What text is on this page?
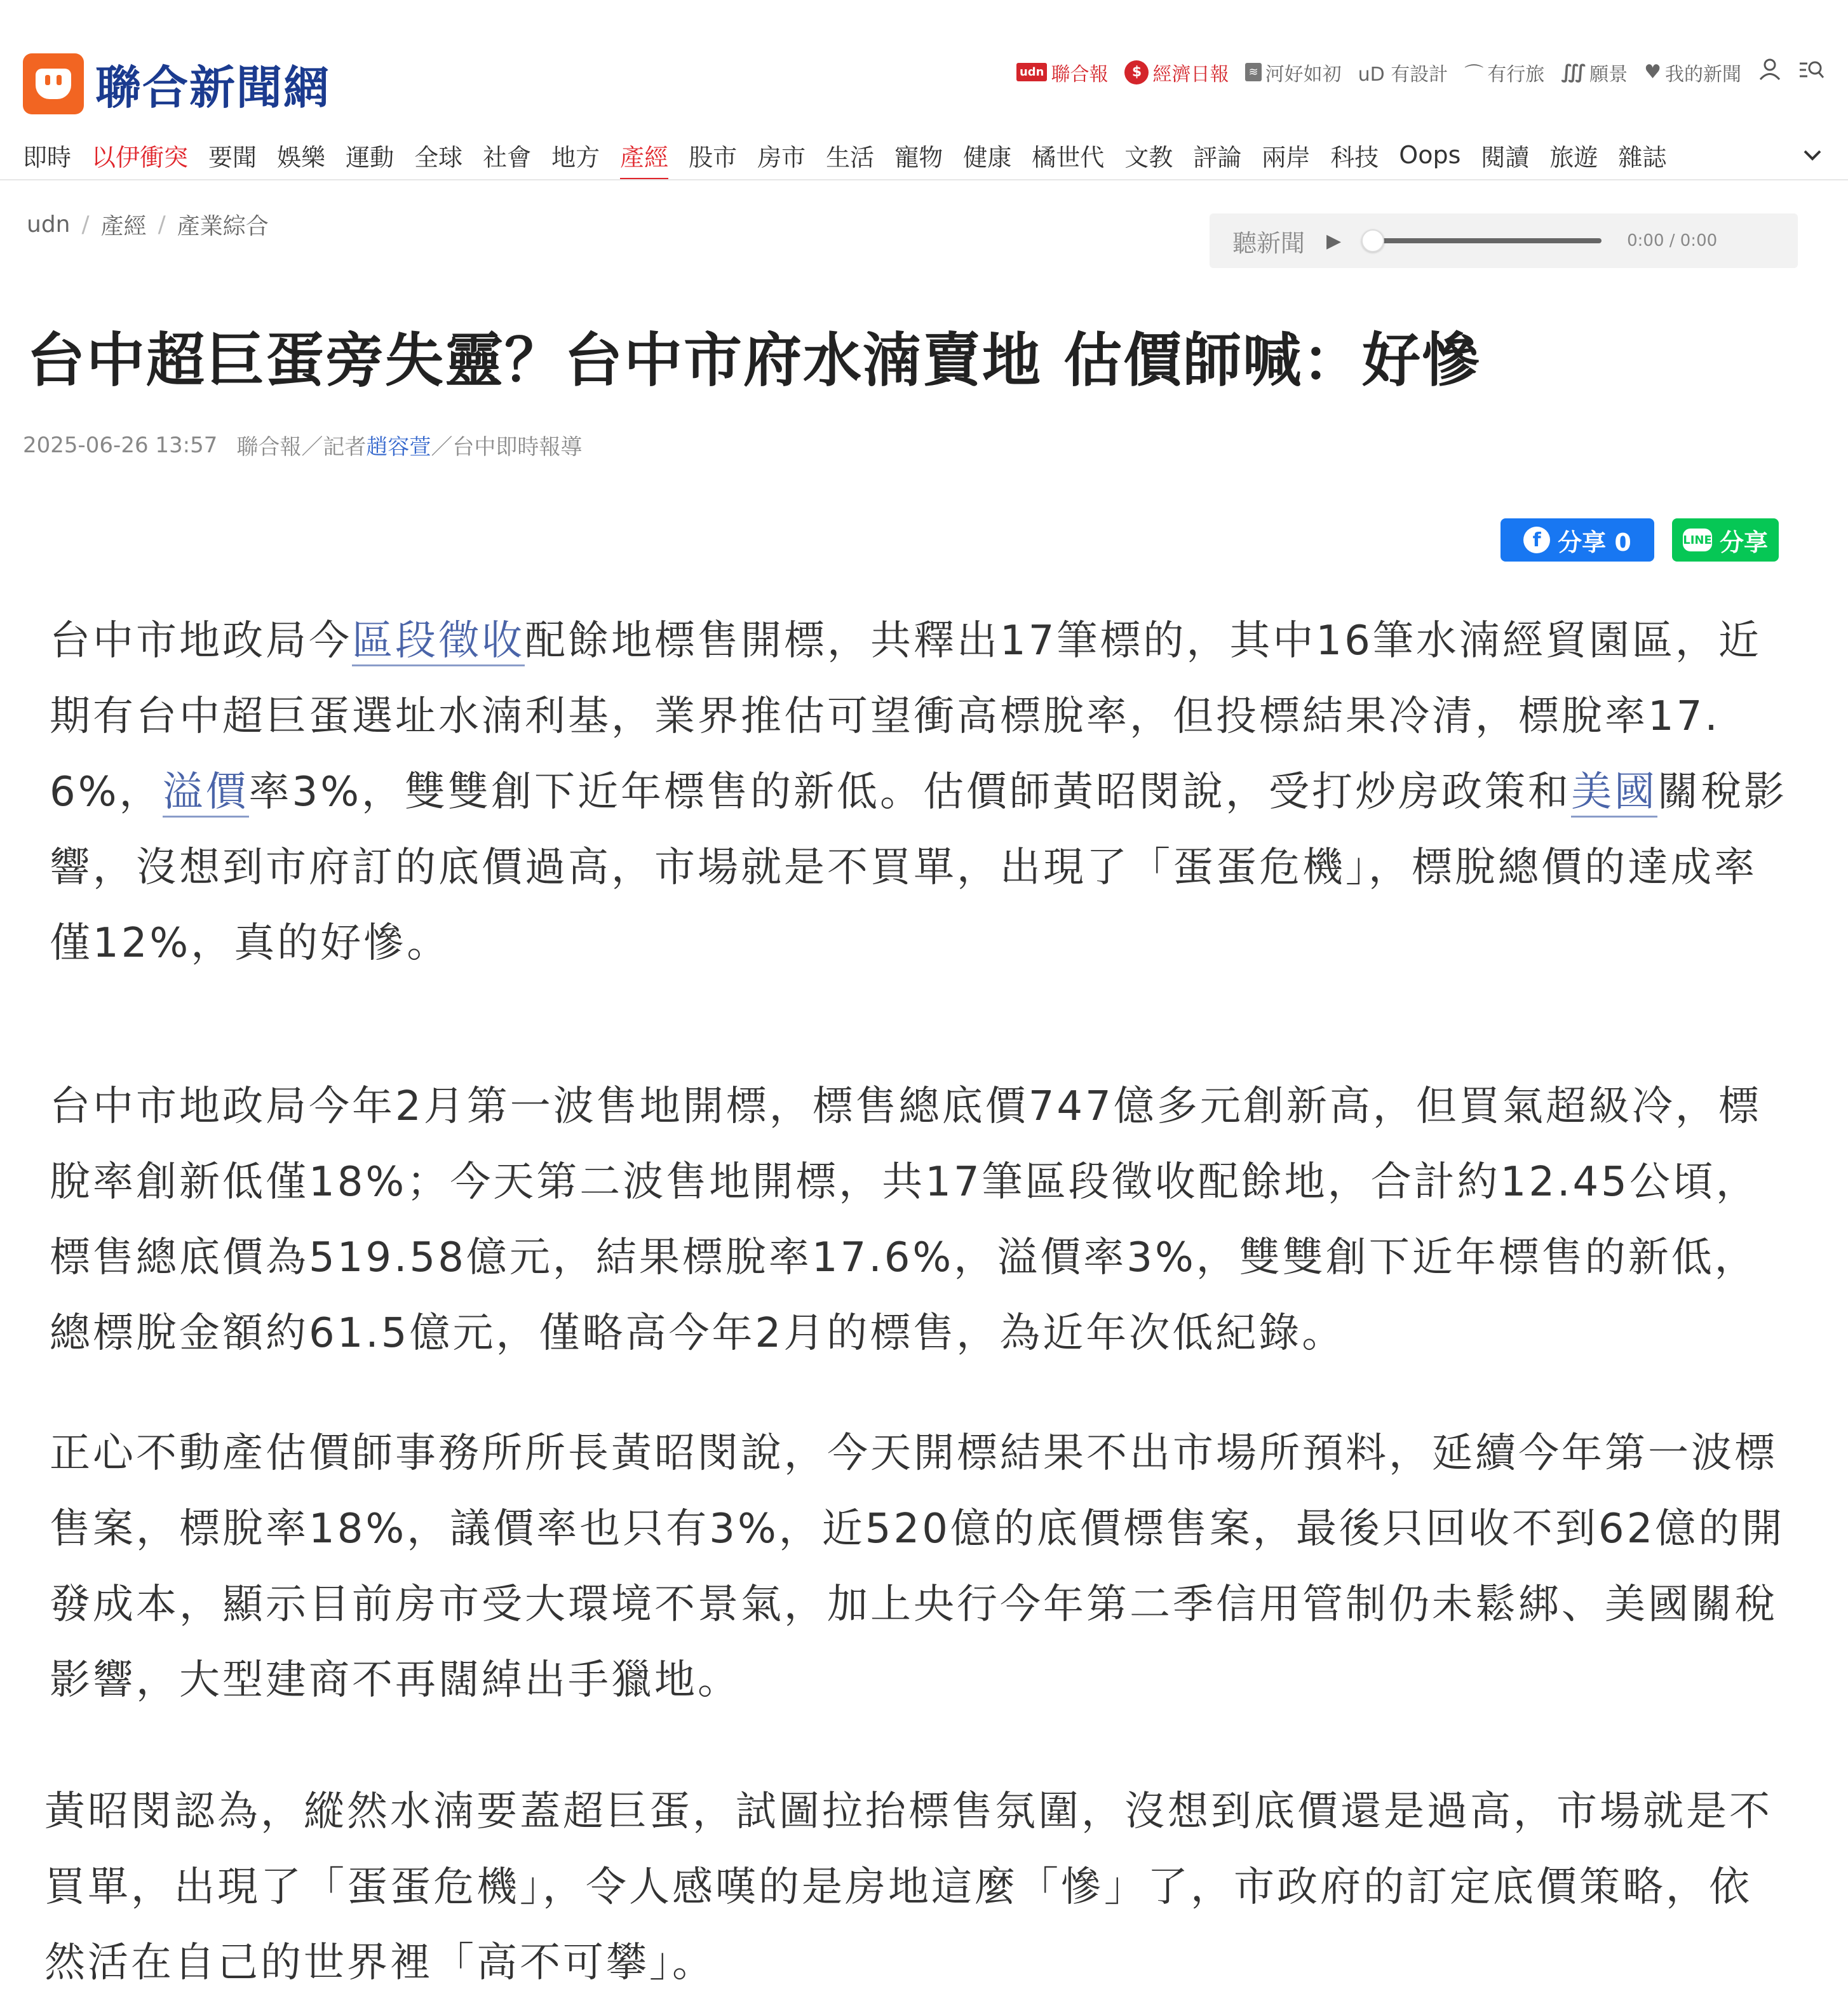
聯合新聞網	udn 聯合報	$ 經濟日報 ≋ 河好如初 uD 有設計 ⌒ 有行旅 ∭ 願景 ♥ 我的新聞
即時 以伊衝突 要聞 娛樂 運動 全球 社會 地方 產經 股市 房市 生活 寵物 健康 橘世代 文教 評論 兩岸 科技 Oops 閱讀 旅遊 雜誌
udn / 產經 / 產業綜合
聽新聞 ▶	0:00 / 0:00
台中超巨蛋旁失靈？台中市府水湳賣地 估價師喊：好慘
2025-06-26 13:57 聯合報／記者趙容萱／台中即時報導
f 分享 0	LINE 分享

台中市地政局今區段徵收配餘地標售開標，共釋出17筆標的，其中16筆水湳經貿園區，近期有台中超巨蛋選址水湳利基，業界推估可望衝高標脫率，但投標結果冷清，標脫率17.6%，溢價率3%，雙雙創下近年標售的新低。估價師黃昭閔說，受打炒房政策和美國關稅影響，沒想到市府訂的底價過高，市場就是不買單，出現了「蛋蛋危機」，標脫總價的達成率僅12%，真的好慘。

台中市地政局今年2月第一波售地開標，標售總底價747億多元創新高，但買氣超級冷，標脫率創新低僅18%；今天第二波售地開標，共17筆區段徵收配餘地，合計約12.45公頃，標售總底價為519.58億元，結果標脫率17.6%，溢價率3%，雙雙創下近年標售的新低，總標脫金額約61.5億元，僅略高今年2月的標售，為近年次低紀錄。

正心不動產估價師事務所所長黃昭閔說，今天開標結果不出市場所預料，延續今年第一波標售案，標脫率18%，議價率也只有3%，近520億的底價標售案，最後只回收不到62億的開發成本，顯示目前房市受大環境不景氣，加上央行今年第二季信用管制仍未鬆綁、美國關稅影響，大型建商不再闊綽出手獵地。

黃昭閔認為，縱然水湳要蓋超巨蛋，試圖拉抬標售氛圍，沒想到底價還是過高，市場就是不買單，出現了「蛋蛋危機」，令人感嘆的是房地這麼「慘」了，市政府的訂定底價策略，依然活在自己的世界裡「高不可攀」。
